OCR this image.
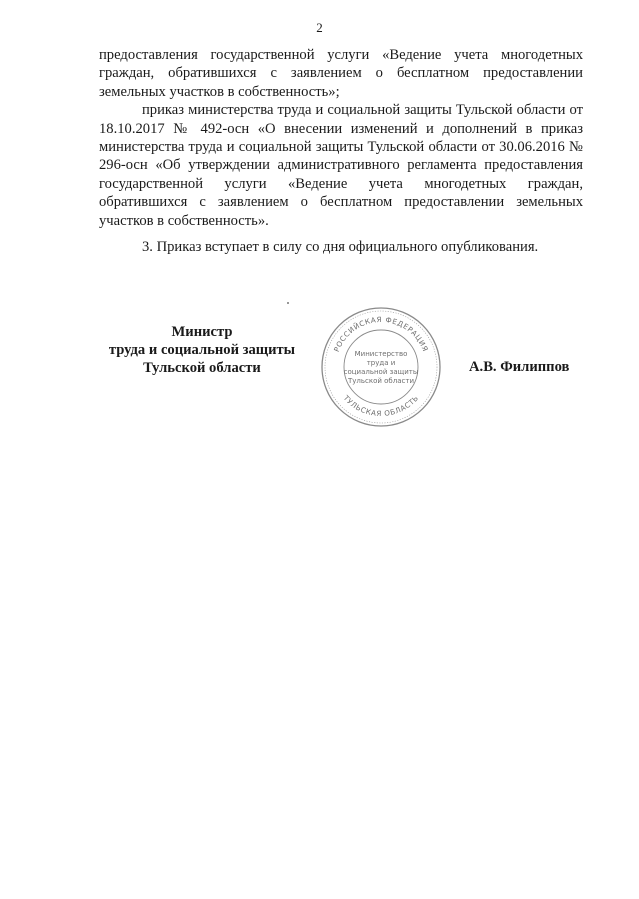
2

предоставления государственной услуги «Ведение учета многодетных граждан, обратившихся с заявлением о бесплатном предоставлении земельных участков в собственность»;

приказ министерства труда и социальной защиты Тульской области от 18.10.2017 № 492-осн «О внесении изменений и дополнений в приказ министерства труда и социальной защиты Тульской области от 30.06.2016 № 296-осн «Об утверждении административного регламента предоставления государственной услуги «Ведение учета многодетных граждан, обратившихся с заявлением о бесплатном предоставлении земельных участков в собственность».

3. Приказ вступает в силу со дня официального опубликования.
Министр
труда и социальной защиты
Тульской области
РОССИЙСКАЯ ФЕДЕРАЦИЯ
ТУЛЬСКАЯ ОБЛАСТЬ
Министерство
труда и
социальной защиты
Тульской области
А.В. Филиппов
